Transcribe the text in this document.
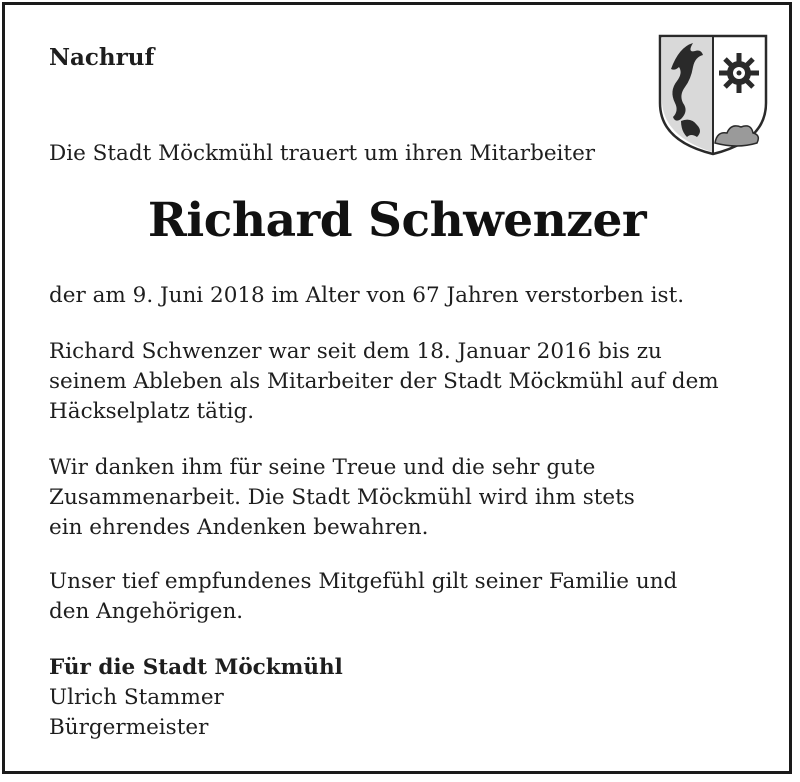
Nachruf

Die Stadt Möckmühl trauert um ihren Mitarbeiter

Richard Schwenzer

der am 9. Juni 2018 im Alter von 67 Jahren verstorben ist.

Richard Schwenzer war seit dem 18. Januar 2016 bis zu
seinem Ableben als Mitarbeiter der Stadt Möckmühl auf dem
Häckselplatz tätig.

Wir danken ihm für seine Treue und die sehr gute
Zusammenarbeit. Die Stadt Möckmühl wird ihm stets
ein ehrendes Andenken bewahren.

Unser tief empfundenes Mitgefühl gilt seiner Familie und
den Angehörigen.

Für die Stadt Möckmühl

Ulrich Stammer

Bürgermeister
